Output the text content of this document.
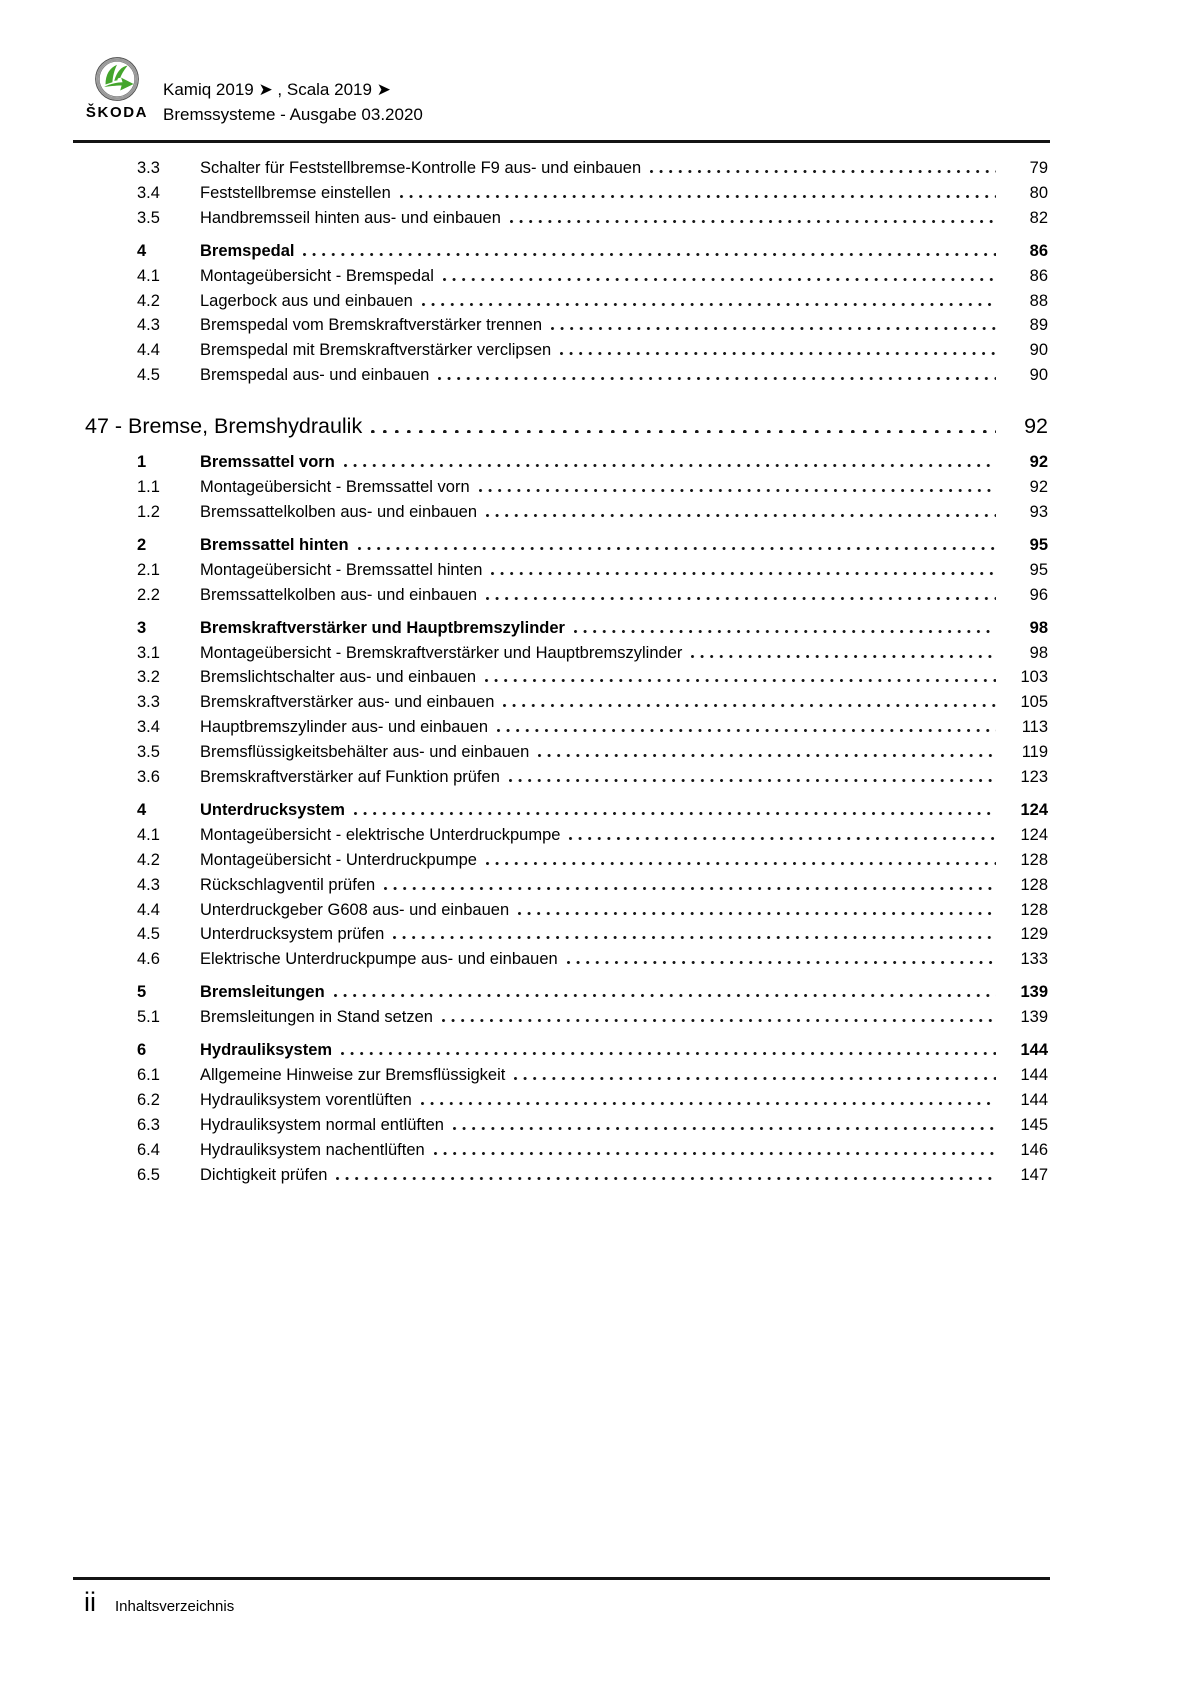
ŠKODA
Kamiq 2019 ➤ , Scala 2019 ➤
Bremssysteme - Ausgabe 03.2020
3.3	Schalter für Feststellbremse-Kontrolle F9 aus- und einbauen	79
3.4	Feststellbremse einstellen	80
3.5	Handbremsseil hinten aus- und einbauen	82
4	Bremspedal	86
4.1	Montageübersicht - Bremspedal	86
4.2	Lagerbock aus und einbauen	88
4.3	Bremspedal vom Bremskraftverstärker trennen	89
4.4	Bremspedal mit Bremskraftverstärker verclipsen	90
4.5	Bremspedal aus- und einbauen	90
47 - Bremse, Bremshydraulik	92
1	Bremssattel vorn	92
1.1	Montageübersicht - Bremssattel vorn	92
1.2	Bremssattelkolben aus- und einbauen	93
2	Bremssattel hinten	95
2.1	Montageübersicht - Bremssattel hinten	95
2.2	Bremssattelkolben aus- und einbauen	96
3	Bremskraftverstärker und Hauptbremszylinder	98
3.1	Montageübersicht - Bremskraftverstärker und Hauptbremszylinder	98
3.2	Bremslichtschalter aus- und einbauen	103
3.3	Bremskraftverstärker aus- und einbauen	105
3.4	Hauptbremszylinder aus- und einbauen	113
3.5	Bremsflüssigkeitsbehälter aus- und einbauen	119
3.6	Bremskraftverstärker auf Funktion prüfen	123
4	Unterdrucksystem	124
4.1	Montageübersicht - elektrische Unterdruckpumpe	124
4.2	Montageübersicht - Unterdruckpumpe	128
4.3	Rückschlagventil prüfen	128
4.4	Unterdruckgeber G608 aus- und einbauen	128
4.5	Unterdrucksystem prüfen	129
4.6	Elektrische Unterdruckpumpe aus- und einbauen	133
5	Bremsleitungen	139
5.1	Bremsleitungen in Stand setzen	139
6	Hydrauliksystem	144
6.1	Allgemeine Hinweise zur Bremsflüssigkeit	144
6.2	Hydrauliksystem vorentlüften	144
6.3	Hydrauliksystem normal entlüften	145
6.4	Hydrauliksystem nachentlüften	146
6.5	Dichtigkeit prüfen	147
ii Inhaltsverzeichnis
